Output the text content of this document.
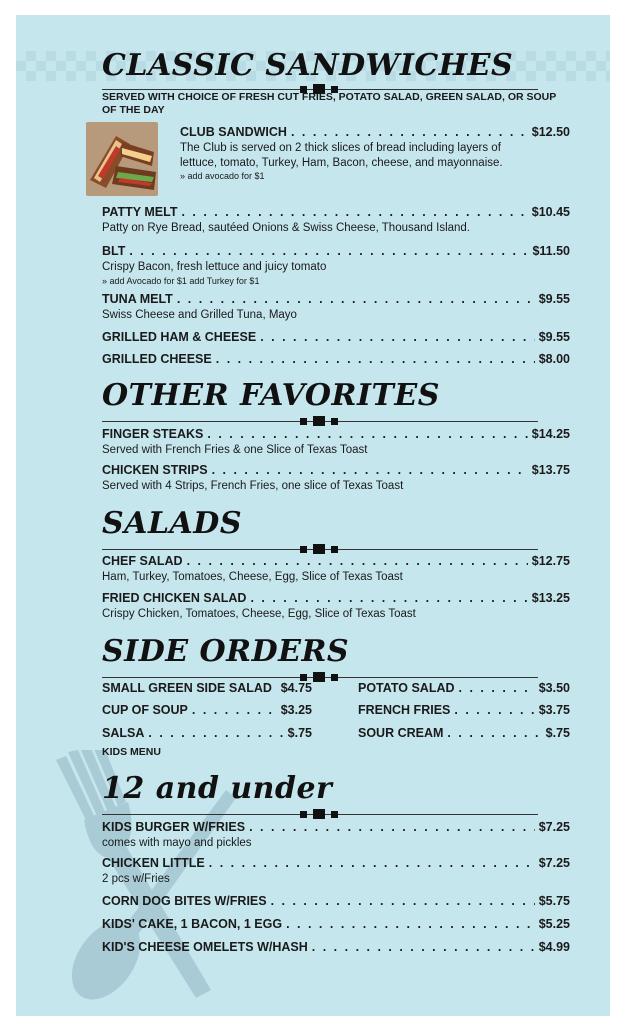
CLASSIC SANDWICHES
SERVED WITH CHOICE OF FRESH CUT FRIES, POTATO SALAD, GREEN SALAD, OR SOUP OF THE DAY
CLUB SANDWICH . . .	$12.50
The Club is served on 2 thick slices of bread including layers of lettuce, tomato, Turkey, Ham, Bacon, cheese, and mayonnaise.
» add avocado for $1
PATTY MELT . . .	$10.45
Patty on Rye Bread, sautéed Onions & Swiss Cheese, Thousand Island.
BLT . . .	$11.50
Crispy Bacon, fresh lettuce and juicy tomato
» add Avocado for $1 add Turkey for $1
TUNA MELT . . .	$9.55
Swiss Cheese and Grilled Tuna, Mayo
GRILLED HAM & CHEESE . . .	$9.55
GRILLED CHEESE . . .	$8.00
OTHER FAVORITES
FINGER STEAKS . . .	$14.25
Served with French Fries & one Slice of Texas Toast
CHICKEN STRIPS . . .	$13.75
Served with 4 Strips, French Fries, one slice of Texas Toast
SALADS
CHEF SALAD . . .	$12.75
Ham, Turkey, Tomatoes, Cheese, Egg, Slice of Texas Toast
FRIED CHICKEN SALAD . . .	$13.25
Crispy Chicken, Tomatoes, Cheese, Egg, Slice of Texas Toast
SIDE ORDERS
SMALL GREEN SIDE SALAD $4.75	POTATO SALAD . . .	$3.50
CUP OF SOUP . . .	$3.25	FRENCH FRIES . . .	$3.75
SALSA . . .	$.75	SOUR CREAM . . .	$.75
KIDS MENU
12 and under
KIDS BURGER W/FRIES . . .	$7.25
comes with mayo and pickles
CHICKEN LITTLE . . .	$7.25
2 pcs w/Fries
CORN DOG BITES W/FRIES . . .	$5.75
KIDS' CAKE, 1 BACON, 1 EGG . . .	$5.25
KID'S CHEESE OMELETS W/HASH . . .	$4.99
